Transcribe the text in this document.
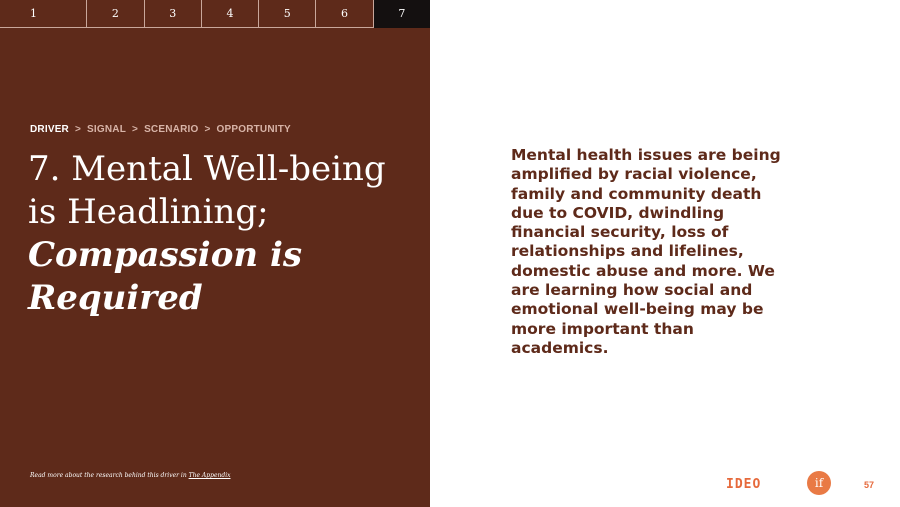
1	2	3	4	5	6	7
DRIVER > SIGNAL > SCENARIO > OPPORTUNITY
7. Mental Well-being
is Headlining;
Compassion is
Required
Read more about the research behind this driver in The Appendix

Mental health issues are being
amplified by racial violence,
family and community death
due to COVID, dwindling
financial security, loss of
relationships and lifelines,
domestic abuse and more. We
are learning how social and
emotional well-being may be
more important than
academics.

IDEO	if	57
